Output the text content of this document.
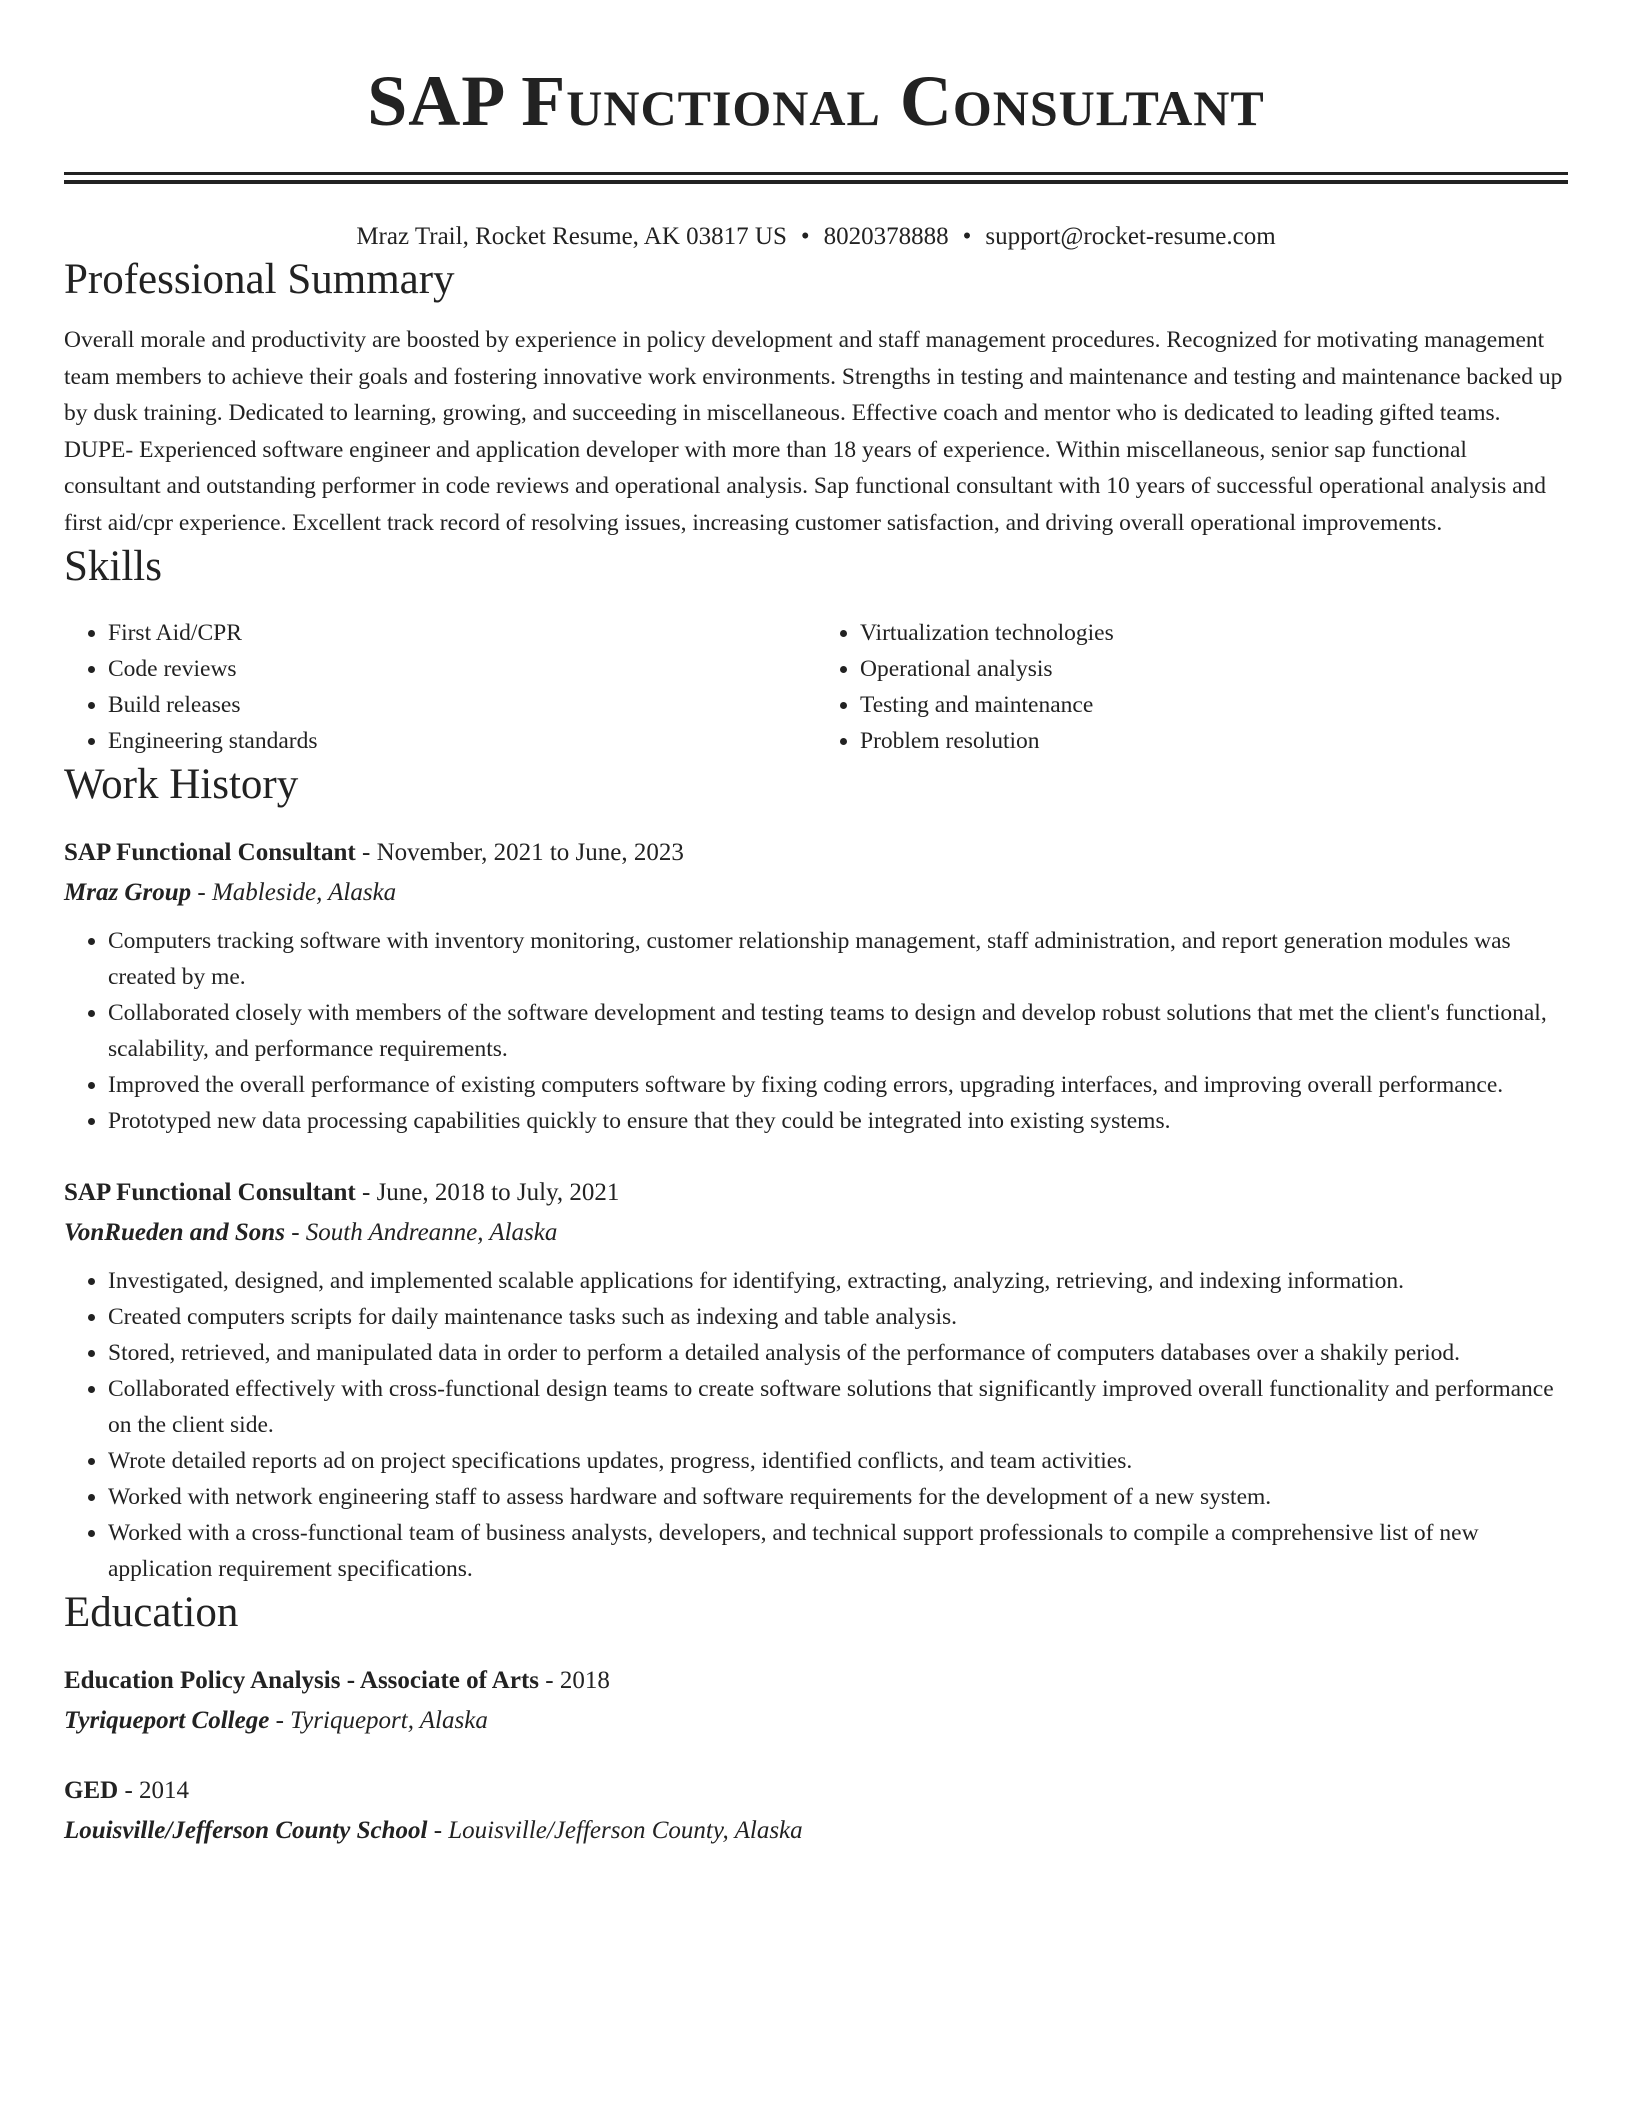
SAP Functional Consultant
Mraz Trail, Rocket Resume, AK 03817 US • 8020378888 • support@rocket-resume.com
Professional Summary

Overall morale and productivity are boosted by experience in policy development and staff management procedures. Recognized for motivating management team members to achieve their goals and fostering innovative work environments. Strengths in testing and maintenance and testing and maintenance backed up by dusk training. Dedicated to learning, growing, and succeeding in miscellaneous. Effective coach and mentor who is dedicated to leading gifted teams. DUPE- Experienced software engineer and application developer with more than 18 years of experience. Within miscellaneous, senior sap functional consultant and outstanding performer in code reviews and operational analysis. Sap functional consultant with 10 years of successful operational analysis and first aid/cpr experience. Excellent track record of resolving issues, increasing customer satisfaction, and driving overall operational improvements.

Skills
• First Aid/CPR
• Code reviews
• Build releases
• Engineering standards
• Virtualization technologies
• Operational analysis
• Testing and maintenance
• Problem resolution
Work History
SAP Functional Consultant - November, 2021 to June, 2023
Mraz Group - Mableside, Alaska
• Computers tracking software with inventory monitoring, customer relationship management, staff administration, and report generation modules was created by me.
• Collaborated closely with members of the software development and testing teams to design and develop robust solutions that met the client's functional, scalability, and performance requirements.
• Improved the overall performance of existing computers software by fixing coding errors, upgrading interfaces, and improving overall performance.
• Prototyped new data processing capabilities quickly to ensure that they could be integrated into existing systems.
SAP Functional Consultant - June, 2018 to July, 2021
VonRueden and Sons - South Andreanne, Alaska
• Investigated, designed, and implemented scalable applications for identifying, extracting, analyzing, retrieving, and indexing information.
• Created computers scripts for daily maintenance tasks such as indexing and table analysis.
• Stored, retrieved, and manipulated data in order to perform a detailed analysis of the performance of computers databases over a shakily period.
• Collaborated effectively with cross-functional design teams to create software solutions that significantly improved overall functionality and performance on the client side.
• Wrote detailed reports ad on project specifications updates, progress, identified conflicts, and team activities.
• Worked with network engineering staff to assess hardware and software requirements for the development of a new system.
• Worked with a cross-functional team of business analysts, developers, and technical support professionals to compile a comprehensive list of new application requirement specifications.
Education
Education Policy Analysis - Associate of Arts - 2018
Tyriqueport College - Tyriqueport, Alaska
GED - 2014
Louisville/Jefferson County School - Louisville/Jefferson County, Alaska
